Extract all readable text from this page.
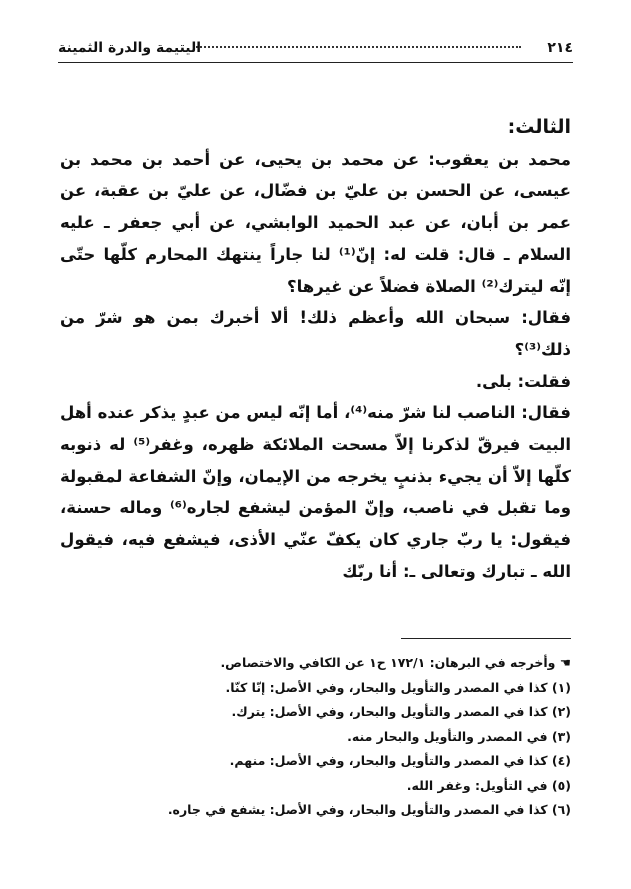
٢١٤
اليتيمة والدرة الثمينة
الثالث:

محمد بن يعقوب: عن محمد بن يحيى، عن أحمد بن محمد بن عيسى، عن الحسن بن عليّ بن فضّال، عن عليّ بن عقبة، عن عمر بن أبان، عن عبد الحميد الوابشي، عن أبي جعفر ـ عليه السلام ـ قال: قلت له: إنّ⁽¹⁾ لنا جاراً ينتهك المحارم كلّها حتّى إنّه ليترك⁽²⁾ الصلاة فضلاً عن غيرها؟

فقال: سبحان الله وأعظم ذلك! ألا أخبرك بمن هو شرّ من ذلك⁽³⁾؟

فقلت: بلى.

فقال: الناصب لنا شرّ منه⁽⁴⁾، أما إنّه ليس من عبدٍ يذكر عنده أهل البيت فيرقّ لذكرنا إلاّ مسحت الملائكة ظهره، وغفر⁽⁵⁾ له ذنوبه كلّها إلاّ أن يجيء بذنبٍ يخرجه من الإيمان، وإنّ الشفاعة لمقبولة وما تقبل في ناصب، وإنّ المؤمن ليشفع لجاره⁽⁶⁾ وماله حسنة، فيقول: يا ربّ جاري كان يكفّ عنّي الأذى، فيشفع فيه، فيقول الله ـ تبارك وتعالى ـ: أنا ربّك

☚ وأخرجه في البرهان: ١٧٢/١ ح١ عن الكافي والاختصاص.

(١) كذا في المصدر والتأويل والبحار، وفي الأصل: إنّا كنّا.

(٢) كذا في المصدر والتأويل والبحار، وفي الأصل: يترك.

(٣) في المصدر والتأويل والبحار منه.

(٤) كذا في المصدر والتأويل والبحار، وفي الأصل: منهم.

(٥) في التأويل: وغفر الله.

(٦) كذا في المصدر والتأويل والبحار، وفي الأصل: يشفع في جاره.
